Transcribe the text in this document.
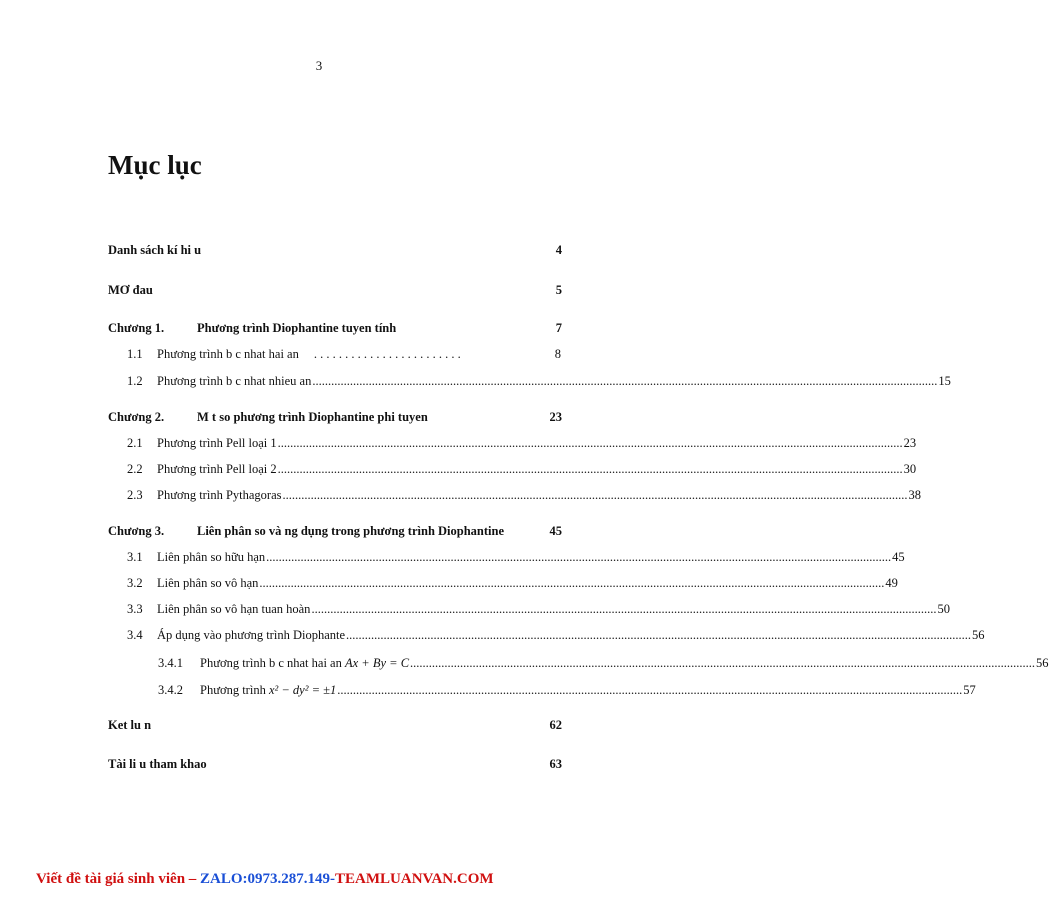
3
Mục lục
Danh sách kí hi u	4
MƠ đau	5
Chương 1.	Phương trình Diophantine tuyen tính	7
1.1 Phương trình b c nhat hai an	. . . . . . . . . . . . . . . . . . . . . . . .	8
1.2 Phương trình b c nhat nhieu an ........................................................................................................................................................................................................ 15
Chương 2.	M t so phương trình Diophantine phi tuyen	23
2.1 Phương trình Pell loại 1 ........................................................................................................................................................................................................ 23
2.2 Phương trình Pell loại 2 ........................................................................................................................................................................................................ 30
2.3 Phương trình Pythagoras ........................................................................................................................................................................................................ 38
Chương 3.	Liên phân so và ng dụng trong phương trình Diophantine	45
3.1 Liên phân so hữu hạn ........................................................................................................................................................................................................ 45
3.2 Liên phân so vô hạn ........................................................................................................................................................................................................ 49
3.3 Liên phân so vô hạn tuan hoàn ........................................................................................................................................................................................................ 50
3.4 Áp dụng vào phương trình Diophante ........................................................................................................................................................................................................ 56
3.4.1 Phương trình b c nhat hai an Ax + By = C ........................................................................................................................................................................................................ 56
3.4.2 Phương trình x² − dy² = ±1 ........................................................................................................................................................................................................ 57
Ket lu n	62
Tài li u tham khao	63
Viết đề tài giá sinh viên – ZALO:0973.287.149-TEAMLUANVAN.COM
